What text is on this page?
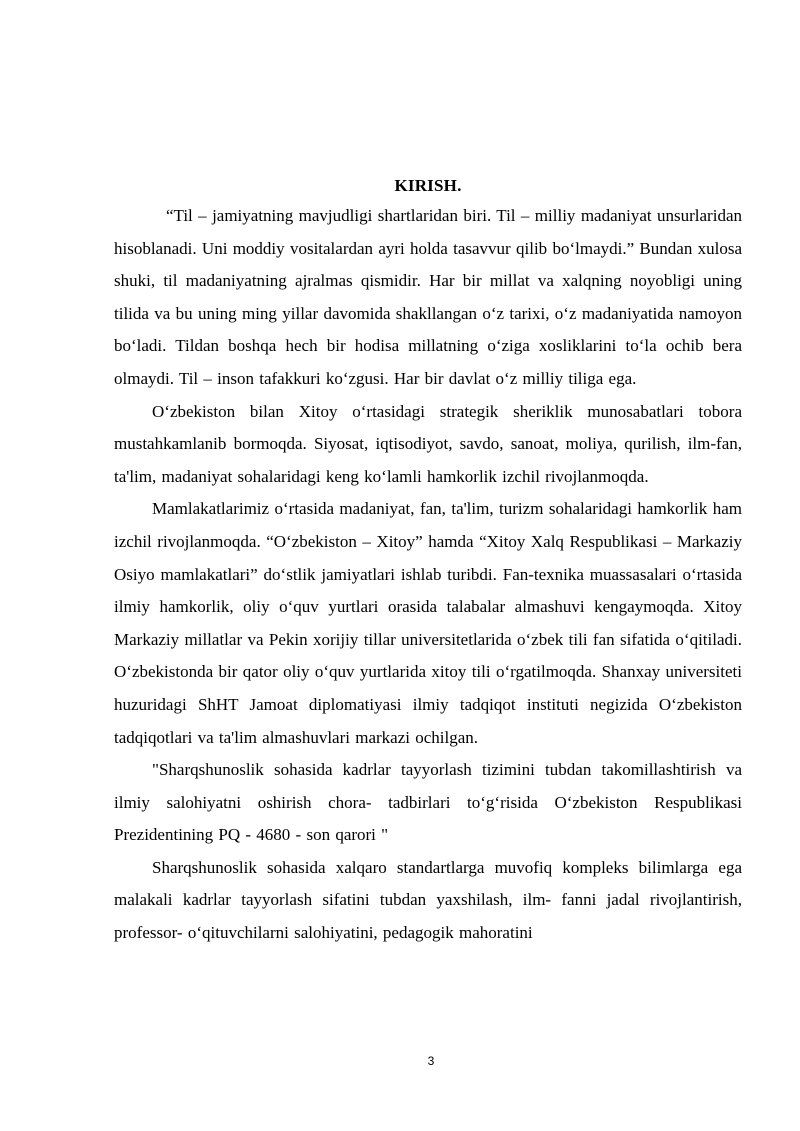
KIRISH.

“Til – jamiyatning mavjudligi shartlaridan biri. Til – milliy madaniyat unsurlaridan hisoblanadi. Uni moddiy vositalardan ayri holda tasavvur qilib boʻlmaydi.” Bundan xulosa shuki, til madaniyatning ajralmas qismidir. Har bir millat va xalqning noyobligi uning tilida va bu uning ming yillar davomida shakllangan oʻz tarixi, oʻz madaniyatida namoyon boʻladi. Tildan boshqa hech bir hodisa millatning oʻziga xosliklarini toʻla ochib bera olmaydi. Til – inson tafakkuri koʻzgusi. Har bir davlat oʻz milliy tiliga ega.

Oʻzbekiston bilan Xitoy oʻrtasidagi strategik sheriklik munosabatlari tobora mustahkamlanib bormoqda. Siyosat, iqtisodiyot, savdo, sanoat, moliya, qurilish, ilm-fan, ta'lim, madaniyat sohalaridagi keng koʻlamli hamkorlik izchil rivojlanmoqda.

Mamlakatlarimiz oʻrtasida madaniyat, fan, ta'lim, turizm sohalaridagi hamkorlik ham izchil rivojlanmoqda. “Oʻzbekiston – Xitoy” hamda “Xitoy Xalq Respublikasi – Markaziy Osiyo mamlakatlari” doʻstlik jamiyatlari ishlab turibdi. Fan-texnika muassasalari oʻrtasida ilmiy hamkorlik, oliy oʻquv yurtlari orasida talabalar almashuvi kengaymoqda. Xitoy Markaziy millatlar va Pekin xorijiy tillar universitetlarida oʻzbek tili fan sifatida oʻqitiladi. Oʻzbekistonda bir qator oliy oʻquv yurtlarida xitoy tili oʻrgatilmoqda. Shanxay universiteti huzuridagi ShHT Jamoat diplomatiyasi ilmiy tadqiqot instituti negizida Oʻzbekiston tadqiqotlari va ta'lim almashuvlari markazi ochilgan.

"Sharqshunoslik sohasida kadrlar tayyorlash tizimini tubdan takomillashtirish va ilmiy salohiyatni oshirish chora- tadbirlari toʻgʻrisida Oʻzbekiston Respublikasi Prezidentining PQ - 4680 - son qarori "

Sharqshunoslik sohasida xalqaro standartlarga muvofiq kompleks bilimlarga ega malakali kadrlar tayyorlash sifatini tubdan yaxshilash, ilm- fanni jadal rivojlantirish, professor- oʻqituvchilarni salohiyatini, pedagogik mahoratini

3
